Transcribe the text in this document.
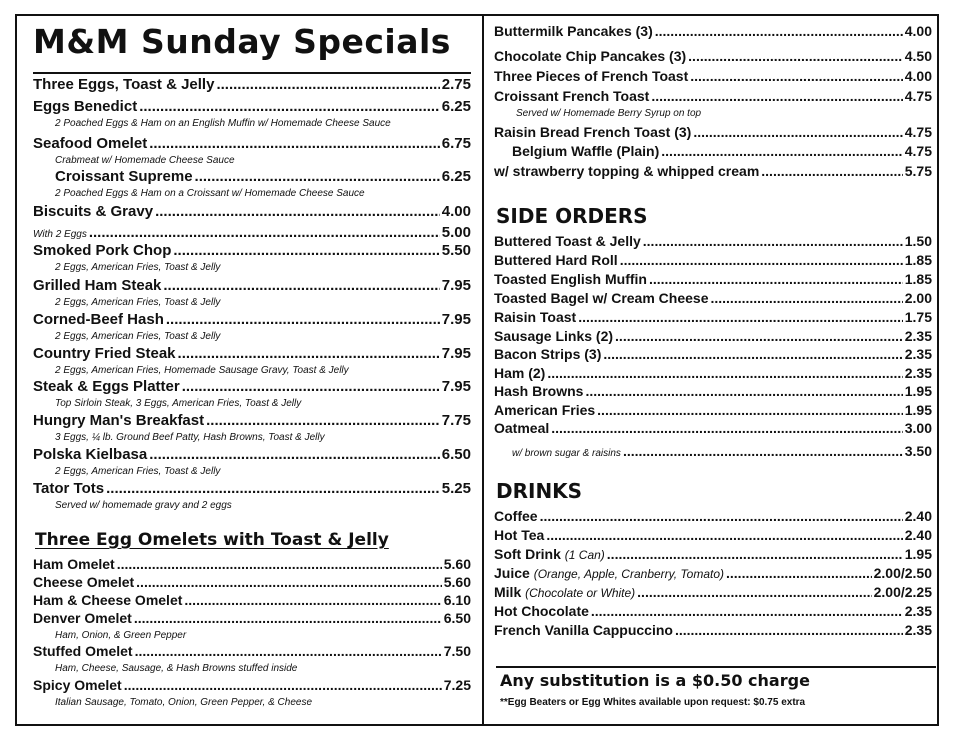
M&M Sunday Specials
Three Eggs, Toast & Jelly .....	2.75
Eggs Benedict .....	6.25
2 Poached Eggs & Ham on an English Muffin w/ Homemade Cheese Sauce
Seafood Omelet .....	6.75
Crabmeat w/ Homemade Cheese Sauce
Croissant Supreme .....	6.25
2 Poached Eggs & Ham on a Croissant w/ Homemade Cheese Sauce
Biscuits & Gravy .....	4.00
With 2 Eggs .....	5.00
Smoked Pork Chop .....	5.50
2 Eggs, American Fries, Toast & Jelly
Grilled Ham Steak .....	7.95
2 Eggs, American Fries, Toast & Jelly
Corned-Beef Hash .....	7.95
2 Eggs, American Fries, Toast & Jelly
Country Fried Steak .....	7.95
2 Eggs, American Fries, Homemade Sausage Gravy, Toast & Jelly
Steak & Eggs Platter .....	7.95
Top Sirloin Steak, 3 Eggs, American Fries, Toast & Jelly
Hungry Man's Breakfast .....	7.75
3 Eggs, ¼ lb. Ground Beef Patty, Hash Browns, Toast & Jelly
Polska Kielbasa .....	6.50
2 Eggs, American Fries, Toast & Jelly
Tator Tots .....	5.25
Served w/ homemade gravy and 2 eggs
Three Egg Omelets with Toast & Jelly
Ham Omelet .....	5.60
Cheese Omelet .....	5.60
Ham & Cheese Omelet .....	6.10
Denver Omelet .....	6.50
Ham, Onion, & Green Pepper
Stuffed Omelet .....	7.50
Ham, Cheese, Sausage, & Hash Browns stuffed inside
Spicy Omelet .....	7.25
Italian Sausage, Tomato, Onion, Green Pepper, & Cheese
Buttermilk Pancakes (3) .....	4.00
Chocolate Chip Pancakes (3) .....	4.50
Three Pieces of French Toast .....	4.00
Croissant French Toast .....	4.75
Served w/ Homemade Berry Syrup on top
Raisin Bread French Toast (3) .....	4.75
Belgium Waffle (Plain) .....	4.75
w/ strawberry topping & whipped cream .....	5.75
SIDE ORDERS
Buttered Toast & Jelly .....	1.50
Buttered Hard Roll .....	1.85
Toasted English Muffin .....	1.85
Toasted Bagel w/ Cream Cheese .....	2.00
Raisin Toast .....	1.75
Sausage Links (2) .....	2.35
Bacon Strips (3) .....	2.35
Ham (2) .....	2.35
Hash Browns .....	1.95
American Fries .....	1.95
Oatmeal .....	3.00
w/ brown sugar & raisins .....	3.50
DRINKS
Coffee .....	2.40
Hot Tea .....	2.40
Soft Drink (1 Can) .....	1.95
Juice (Orange, Apple, Cranberry, Tomato) .....	2.00/2.50
Milk (Chocolate or White) .....	2.00/2.25
Hot Chocolate .....	2.35
French Vanilla Cappuccino .....	2.35
Any substitution is a $0.50 charge
**Egg Beaters or Egg Whites available upon request: $0.75 extra
